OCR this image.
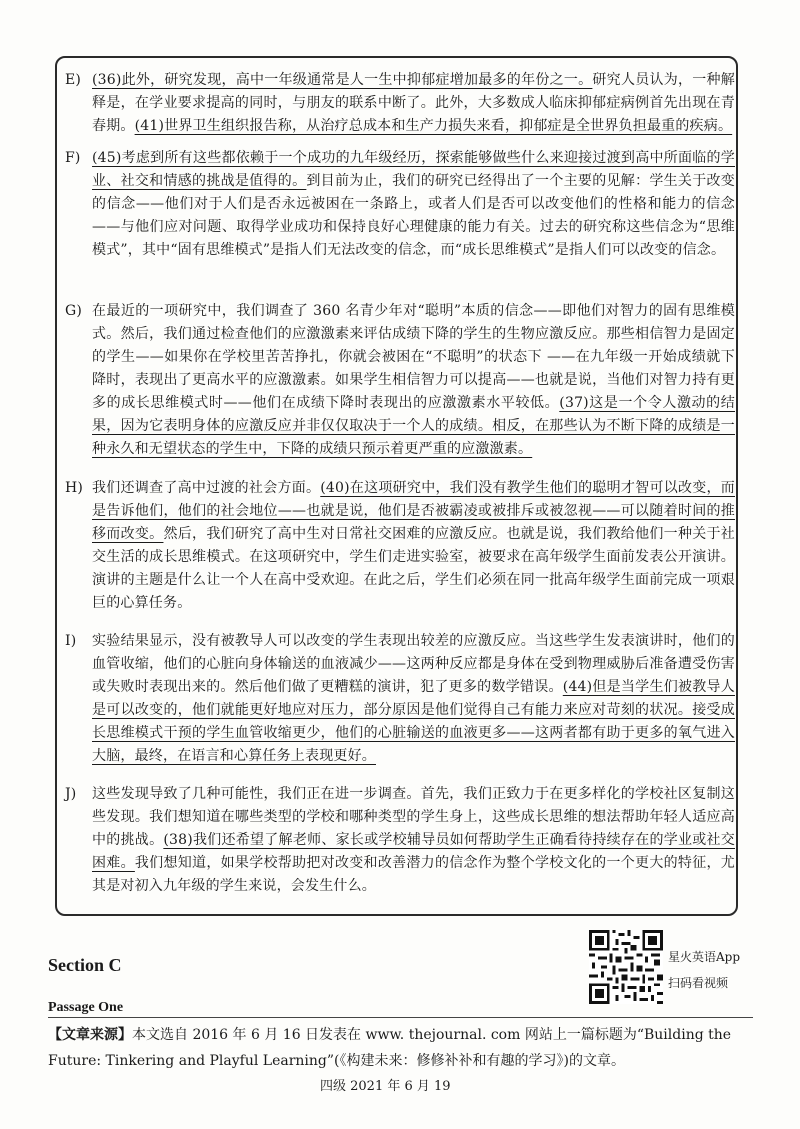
E) (36)此外，研究发现，高中一年级通常是人一生中抑郁症增加最多的年份之一。研究人员认为，一种解释是，在学业要求提高的同时，与朋友的联系中断了。此外，大多数成人临床抑郁症病例首先出现在青春期。(41)世界卫生组织报告称，从治疗总成本和生产力损失来看，抑郁症是全世界负担最重的疾病。
F) (45)考虑到所有这些都依赖于一个成功的九年级经历，探索能够做些什么来迎接过渡到高中所面临的学业、社交和情感的挑战是值得的。到目前为止，我们的研究已经得出了一个主要的见解：学生关于改变的信念——他们对于人们是否永远被困在一条路上，或者人们是否可以改变他们的性格和能力的信念——与他们应对问题、取得学业成功和保持良好心理健康的能力有关。过去的研究称这些信念为“思维模式”，其中“固有思维模式”是指人们无法改变的信念，而“成长思维模式”是指人们可以改变的信念。
G) 在最近的一项研究中，我们调查了 360 名青少年对“聪明”本质的信念——即他们对智力的固有思维模式。然后，我们通过检查他们的应激激素来评估成绩下降的学生的生物应激反应。那些相信智力是固定的学生——如果你在学校里苦苦挣扎，你就会被困在“不聪明”的状态下 ——在九年级一开始成绩就下降时，表现出了更高水平的应激激素。如果学生相信智力可以提高——也就是说，当他们对智力持有更多的成长思维模式时——他们在成绩下降时表现出的应激激素水平较低。(37)这是一个令人激动的结果，因为它表明身体的应激反应并非仅仅取决于一个人的成绩。相反，在那些认为不断下降的成绩是一种永久和无望状态的学生中，下降的成绩只预示着更严重的应激激素。
H) 我们还调查了高中过渡的社会方面。(40)在这项研究中，我们没有教学生他们的聪明才智可以改变，而是告诉他们，他们的社会地位——也就是说，他们是否被霸凌或被排斥或被忽视——可以随着时间的推移而改变。然后，我们研究了高中生对日常社交困难的应激反应。也就是说，我们教给他们一种关于社交生活的成长思维模式。在这项研究中，学生们走进实验室，被要求在高年级学生面前发表公开演讲。演讲的主题是什么让一个人在高中受欢迎。在此之后，学生们必须在同一批高年级学生面前完成一项艰巨的心算任务。
I) 实验结果显示，没有被教导人可以改变的学生表现出较差的应激反应。当这些学生发表演讲时，他们的血管收缩，他们的心脏向身体输送的血液减少——这两种反应都是身体在受到物理威胁后准备遭受伤害或失败时表现出来的。然后他们做了更糟糕的演讲，犯了更多的数学错误。(44)但是当学生们被教导人是可以改变的，他们就能更好地应对压力，部分原因是他们觉得自己有能力来应对苛刻的状况。接受成长思维模式干预的学生血管收缩更少，他们的心脏输送的血液更多——这两者都有助于更多的氧气进入大脑，最终，在语言和心算任务上表现更好。
J) 这些发现导致了几种可能性，我们正在进一步调查。首先，我们正致力于在更多样化的学校社区复制这些发现。我们想知道在哪些类型的学校和哪种类型的学生身上，这些成长思维的想法帮助年轻人适应高中的挑战。(38)我们还希望了解老师、家长或学校辅导员如何帮助学生正确看待持续存在的学业或社交困难。我们想知道，如果学校帮助把对改变和改善潜力的信念作为整个学校文化的一个更大的特征，尤其是对初入九年级的学生来说，会发生什么。
Section C	星火英语App
扫码看视频
Passage One
【文章来源】本文选自 2016 年 6 月 16 日发表在 www. thejournal. com 网站上一篇标题为“Building the Future: Tinkering and Playful Learning”(《构建未来：修修补补和有趣的学习》)的文章。
四级 2021 年 6 月 19
